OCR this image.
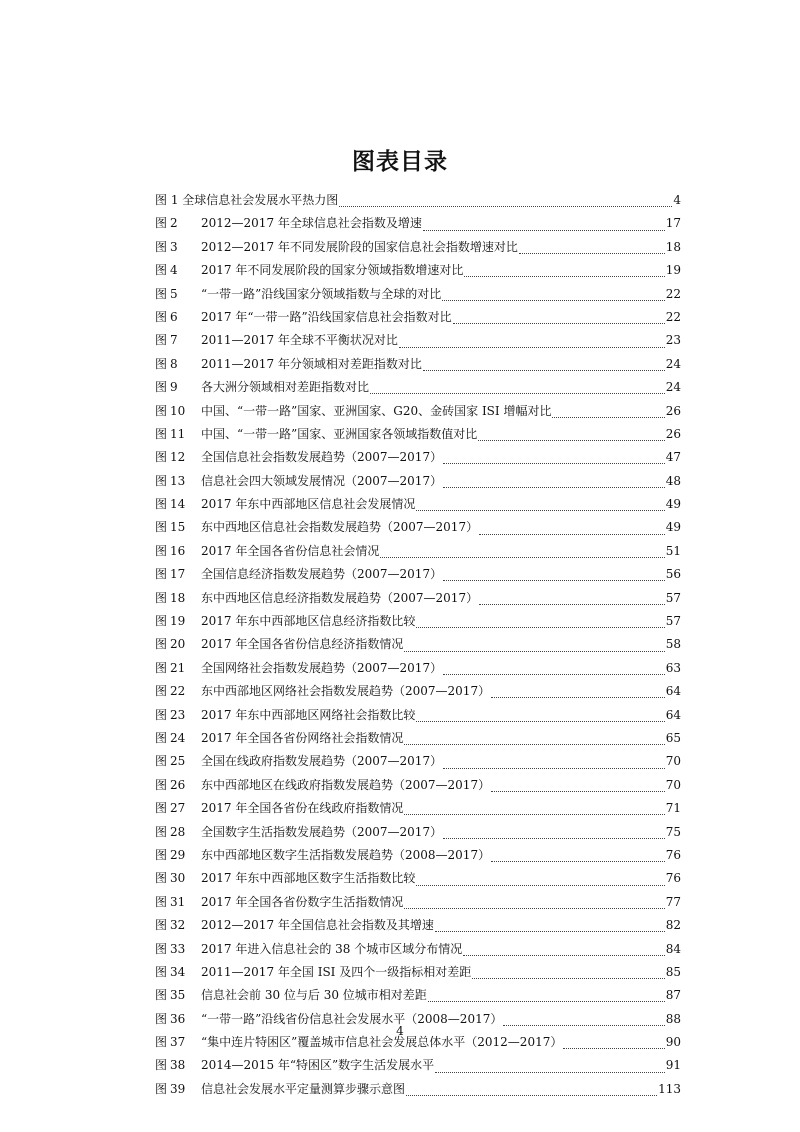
图表目录
图 1 全球信息社会发展水平热力图	4
图 2	2012—2017 年全球信息社会指数及增速	17
图 3	2012—2017 年不同发展阶段的国家信息社会指数增速对比	18
图 4	2017 年不同发展阶段的国家分领域指数增速对比	19
图 5	“一带一路”沿线国家分领域指数与全球的对比	22
图 6	2017 年“一带一路”沿线国家信息社会指数对比	22
图 7	2011—2017 年全球不平衡状况对比	23
图 8	2011—2017 年分领域相对差距指数对比	24
图 9	各大洲分领域相对差距指数对比	24
图 10	中国、“一带一路”国家、亚洲国家、G20、金砖国家 ISI 增幅对比	26
图 11	中国、“一带一路”国家、亚洲国家各领域指数值对比	26
图 12	全国信息社会指数发展趋势（2007—2017）	47
图 13	信息社会四大领域发展情况（2007—2017）	48
图 14	2017 年东中西部地区信息社会发展情况	49
图 15	东中西地区信息社会指数发展趋势（2007—2017）	49
图 16	2017 年全国各省份信息社会情况	51
图 17	全国信息经济指数发展趋势（2007—2017）	56
图 18	东中西地区信息经济指数发展趋势（2007—2017）	57
图 19	2017 年东中西部地区信息经济指数比较	57
图 20	2017 年全国各省份信息经济指数情况	58
图 21	全国网络社会指数发展趋势（2007—2017）	63
图 22	东中西部地区网络社会指数发展趋势（2007—2017）	64
图 23	2017 年东中西部地区网络社会指数比较	64
图 24	2017 年全国各省份网络社会指数情况	65
图 25	全国在线政府指数发展趋势（2007—2017）	70
图 26	东中西部地区在线政府指数发展趋势（2007—2017）	70
图 27	2017 年全国各省份在线政府指数情况	71
图 28	全国数字生活指数发展趋势（2007—2017）	75
图 29	东中西部地区数字生活指数发展趋势（2008—2017）	76
图 30	2017 年东中西部地区数字生活指数比较	76
图 31	2017 年全国各省份数字生活指数情况	77
图 32	2012—2017 年全国信息社会指数及其增速	82
图 33	2017 年进入信息社会的 38 个城市区域分布情况	84
图 34	2011—2017 年全国 ISI 及四个一级指标相对差距	85
图 35	信息社会前 30 位与后 30 位城市相对差距	87
图 36	“一带一路”沿线省份信息社会发展水平（2008—2017）	88
图 37	“集中连片特困区”覆盖城市信息社会发展总体水平（2012—2017）	90
图 38	2014—2015 年“特困区”数字生活发展水平	91
图 39	信息社会发展水平定量测算步骤示意图	113
4
